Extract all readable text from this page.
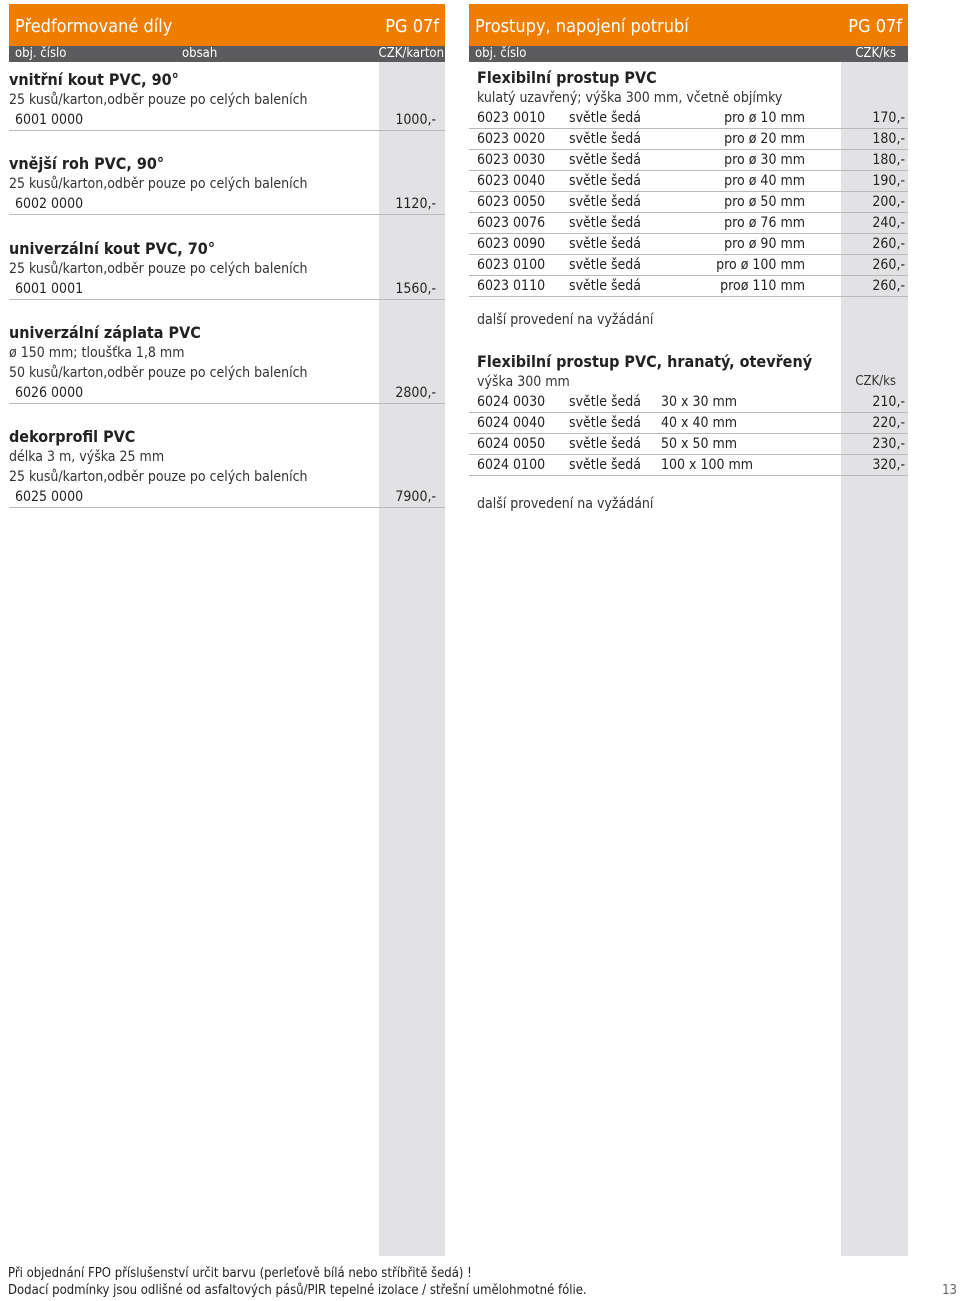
Předformované díly	PG 07f
obj. číslo	obsah	CZK/karton
vnitřní kout PVC, 90°
25 kusů/karton,odběr pouze po celých baleních
6001 0000	1000,-
vnější roh PVC, 90°
25 kusů/karton,odběr pouze po celých baleních
6002 0000	1120,-
univerzální kout PVC, 70°
25 kusů/karton,odběr pouze po celých baleních
6001 0001	1560,-
univerzální záplata PVC
ø 150 mm; tloušťka 1,8 mm
50 kusů/karton,odběr pouze po celých baleních
6026 0000	2800,-
dekorprofil PVC
délka 3 m, výška 25 mm
25 kusů/karton,odběr pouze po celých baleních
6025 0000	7900,-
Prostupy, napojení potrubí	PG 07f
obj. číslo	CZK/ks
Flexibilní prostup PVC
kulatý uzavřený; výška 300 mm, včetně objímky
6023 0010 světle šedá	pro ø 10 mm	170,-
6023 0020 světle šedá	pro ø 20 mm	180,-
6023 0030 světle šedá	pro ø 30 mm	180,-
6023 0040 světle šedá	pro ø 40 mm	190,-
6023 0050 světle šedá	pro ø 50 mm	200,-
6023 0076 světle šedá	pro ø 76 mm	240,-
6023 0090 světle šedá	pro ø 90 mm	260,-
6023 0100 světle šedá	pro ø 100 mm	260,-
6023 0110 světle šedá	proø 110 mm	260,-
další provedení na vyžádání
Flexibilní prostup PVC, hranatý, otevřený
výška 300 mm	CZK/ks
6024 0030 světle šedá 30 x 30 mm	210,-
6024 0040 světle šedá 40 x 40 mm	220,-
6024 0050 světle šedá 50 x 50 mm	230,-
6024 0100 světle šedá 100 x 100 mm	320,-
další provedení na vyžádání
Při objednání FPO příslušenství určit barvu (perleťově bílá nebo stříbřitě šedá) !
Dodací podmínky jsou odlišné od asfaltových pásů/PIR tepelné izolace / střešní umělohmotné fólie.	13
